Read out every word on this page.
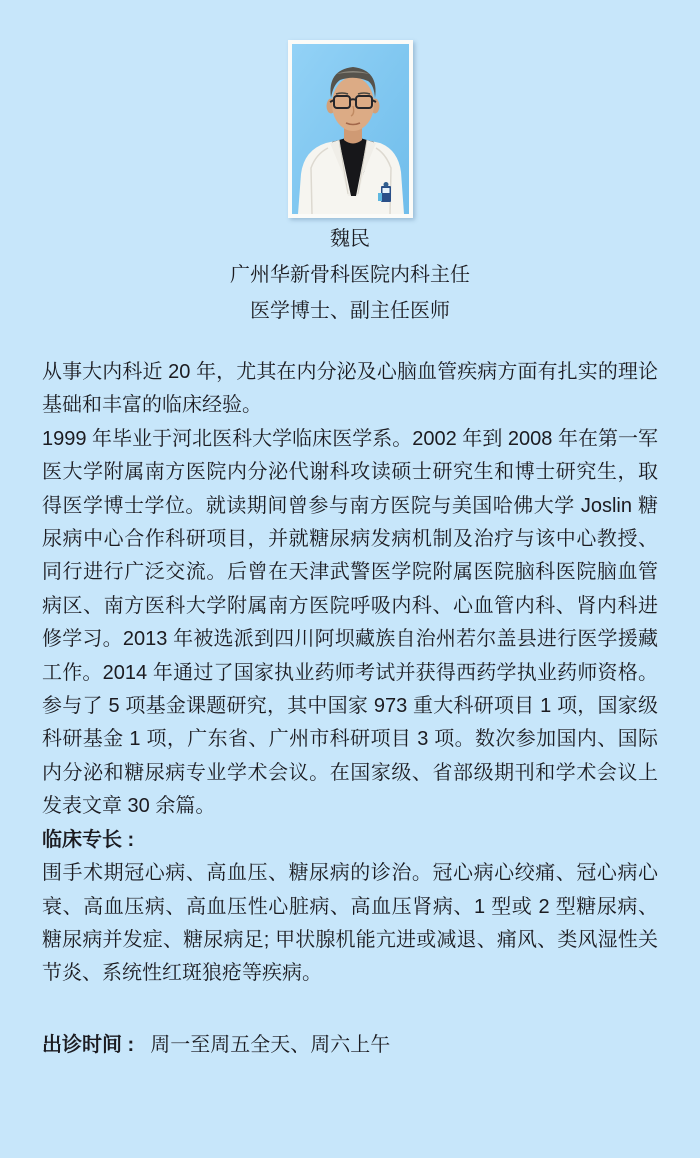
魏民
广州华新骨科医院内科主任
医学博士、副主任医师

从事大内科近 20 年，尤其在内分泌及心脑血管疾病方面有扎实的理论基础和丰富的临床经验。

1999 年毕业于河北医科大学临床医学系。2002 年到 2008 年在第一军医大学附属南方医院内分泌代谢科攻读硕士研究生和博士研究生，取得医学博士学位。就读期间曾参与南方医院与美国哈佛大学 Joslin 糖尿病中心合作科研项目，并就糖尿病发病机制及治疗与该中心教授、同行进行广泛交流。后曾在天津武警医学院附属医院脑科医院脑血管病区、南方医科大学附属南方医院呼吸内科、心血管内科、肾内科进修学习。2013 年被选派到四川阿坝藏族自治州若尔盖县进行医学援藏工作。2014 年通过了国家执业药师考试并获得西药学执业药师资格。参与了 5 项基金课题研究，其中国家 973 重大科研项目 1 项，国家级科研基金 1 项，广东省、广州市科研项目 3 项。数次参加国内、国际内分泌和糖尿病专业学术会议。在国家级、省部级期刊和学术会议上发表文章 30 余篇。

临床专长 :

围手术期冠心病、高血压、糖尿病的诊治。冠心病心绞痛、冠心病心衰、高血压病、高血压性心脏病、高血压肾病、1 型或 2 型糖尿病、糖尿病并发症、糖尿病足; 甲状腺机能亢进或减退、痛风、类风湿性关节炎、系统性红斑狼疮等疾病。

出诊时间 : 周一至周五全天、周六上午
